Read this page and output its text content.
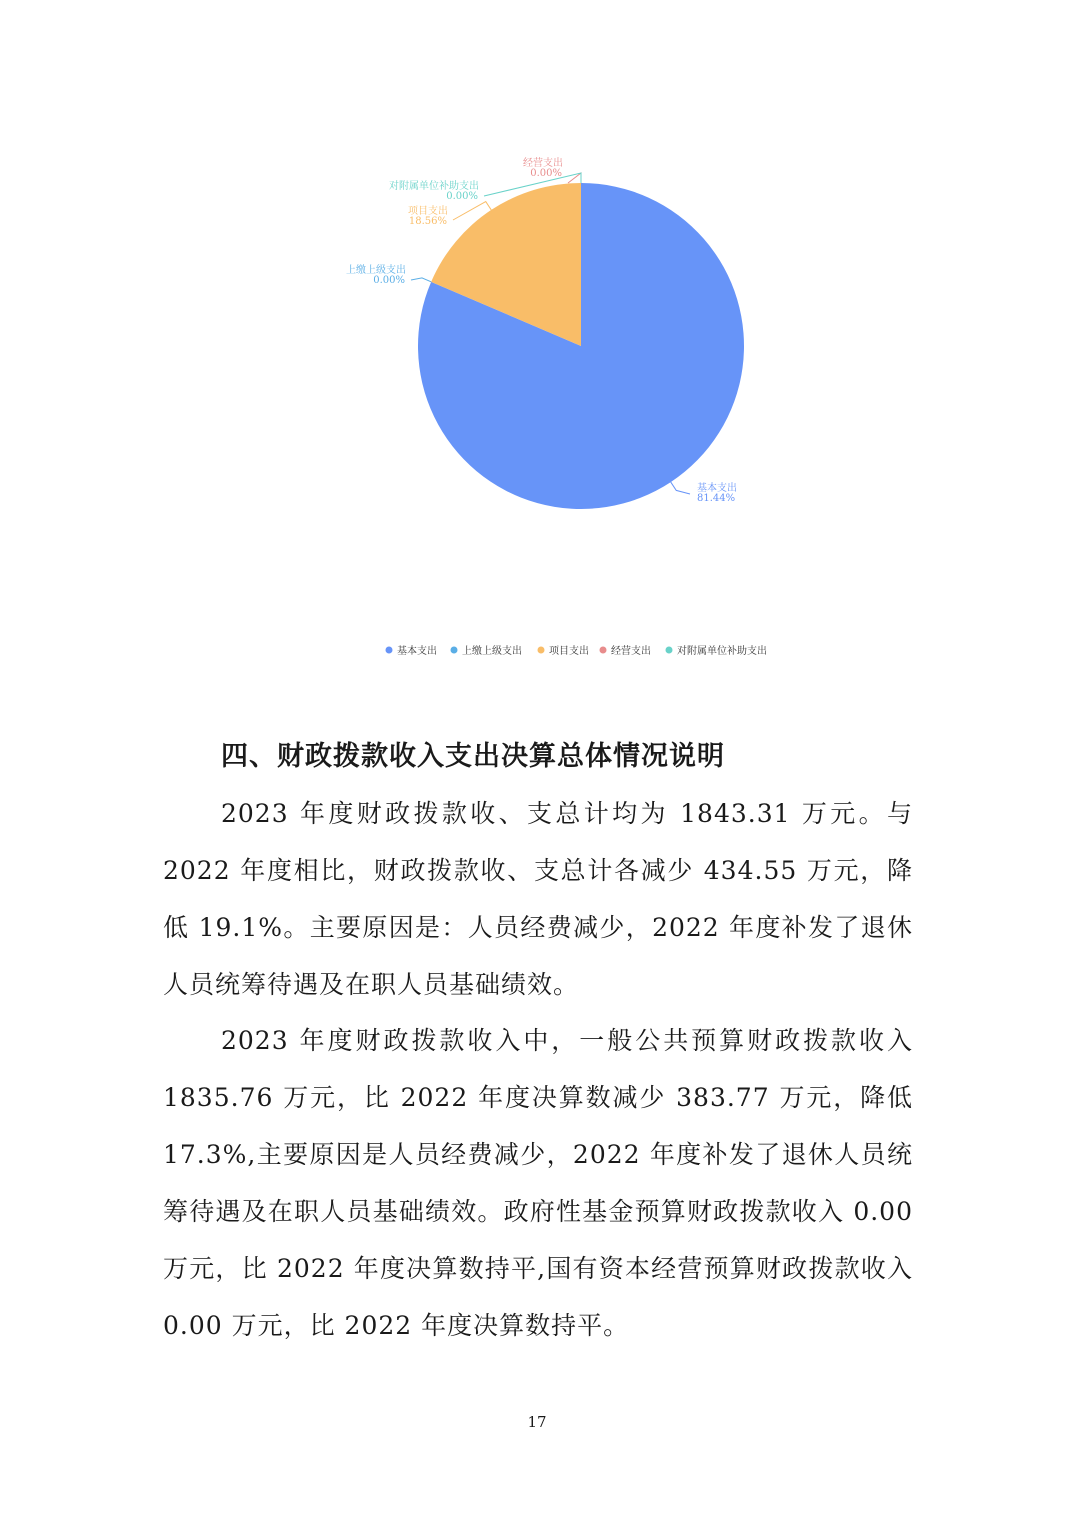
基本支出
81.44%
上缴上级支出
0.00%
项目支出
18.56%
经营支出
0.00%
对附属单位补助支出
0.00%
基本支出	上缴上级支出	项目支出 经营支出	对附属单位补助支出
四、财政拨款收入支出决算总体情况说明

2023 年度财政拨款收、支总计均为 1843.31 万元。与 2022 年度相比，财政拨款收、支总计各减少 434.55 万元，降低 19.1%。主要原因是：人员经费减少，2022 年度补发了退休人员统筹待遇及在职人员基础绩效。

2023 年度财政拨款收入中，一般公共预算财政拨款收入 1835.76 万元，比 2022 年度决算数减少 383.77 万元，降低 17.3%,主要原因是人员经费减少，2022 年度补发了退休人员统筹待遇及在职人员基础绩效。政府性基金预算财政拨款收入 0.00 万元，比 2022 年度决算数持平,国有资本经营预算财政拨款收入 0.00 万元，比 2022 年度决算数持平。

17
